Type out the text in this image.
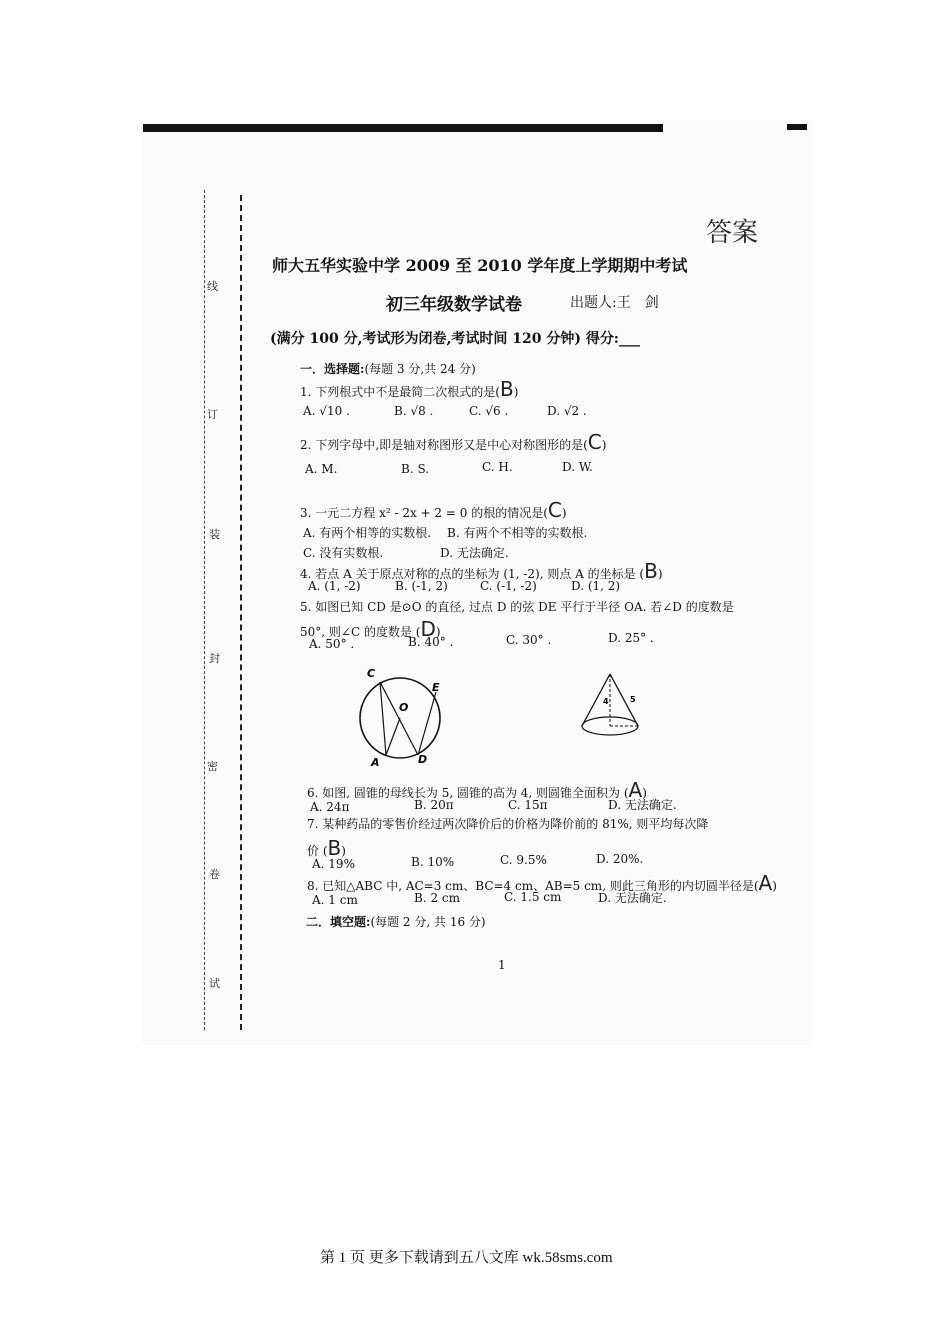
线
订
装
封
密
卷
试
答案
师大五华实验中学 2009 至 2010 学年度上学期期中考试
初三年级数学试卷	出题人:王　剑
(满分 100 分,考试形为闭卷,考试时间 120 分钟) 得分:___
一．选择题:(每题 3 分,共 24 分)
1. 下列根式中不是最简二次根式的是(B)
A. √10 .	B. √8 .	C. √6 .	D. √2 .
2. 下列字母中,即是轴对称图形又是中心对称图形的是(C)
A. M.	B. S.	C. H.	D. W.
3. 一元二方程 x² - 2x + 2 = 0 的根的情况是(C)
A. 有两个相等的实数根. B. 有两个不相等的实数根.
C. 没有实数根.	D. 无法确定.
4. 若点 A 关于原点对称的点的坐标为 (1, -2), 则点 A 的坐标是 (B)
A. (1, -2)	B. (-1, 2)	C. (-1, -2)	D. (1, 2)
5. 如图已知 CD 是⊙O 的直径, 过点 D 的弦 DE 平行于半径 OA. 若∠D 的度数是
50°, 则∠C 的度数是 (D)
A. 50° .	B. 40° .	C. 30° .	D. 25° .
C
E
O
A	D
5
4
6. 如图, 圆锥的母线长为 5, 圆锥的高为 4, 则圆锥全面积为 (A)
A. 24π	B. 20π	C. 15π	D. 无法确定.
7. 某种药品的零售价经过两次降价后的价格为降价前的 81%, 则平均每次降
价 (B)
A. 19%	B. 10%	C. 9.5%	D. 20%.
8. 已知△ABC 中, AC=3 cm、BC=4 cm、AB=5 cm, 则此三角形的内切圆半径是(A)
A. 1 cm	B. 2 cm	C. 1.5 cm	D. 无法确定.
二．填空题:(每题 2 分, 共 16 分)
1
第 1 页 更多下载请到五八文库 wk.58sms.com
